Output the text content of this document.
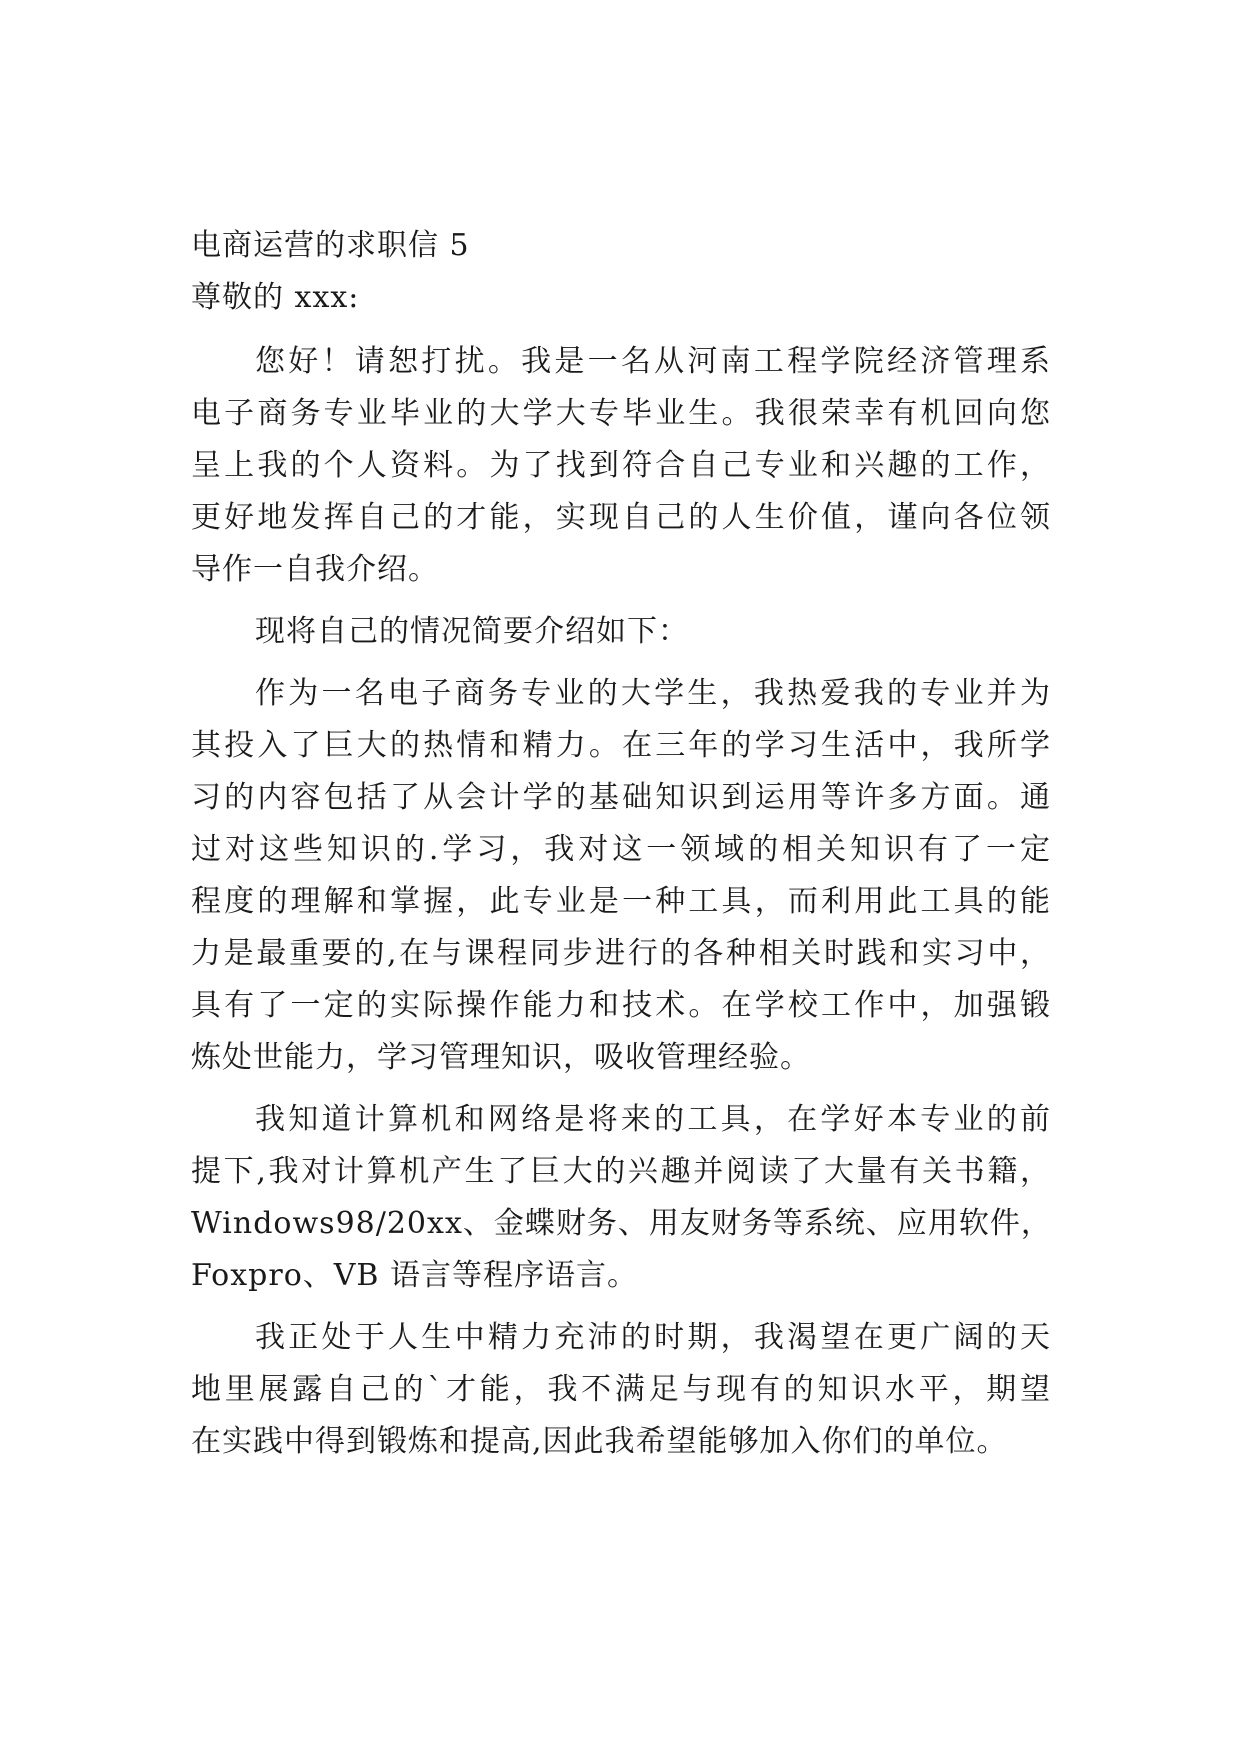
电商运营的求职信 5
尊敬的 xxx:
您好！请恕打扰。我是一名从河南工程学院经济管理系
电子商务专业毕业的大学大专毕业生。我很荣幸有机回向您
呈上我的个人资料。为了找到符合自己专业和兴趣的工作，
更好地发挥自己的才能，实现自己的人生价值，谨向各位领
导作一自我介绍。
现将自己的情况简要介绍如下：
作为一名电子商务专业的大学生，我热爱我的专业并为
其投入了巨大的热情和精力。在三年的学习生活中，我所学
习的内容包括了从会计学的基础知识到运用等许多方面。通
过对这些知识的.学习，我对这一领域的相关知识有了一定
程度的理解和掌握，此专业是一种工具，而利用此工具的能
力是最重要的,在与课程同步进行的各种相关时践和实习中，
具有了一定的实际操作能力和技术。在学校工作中，加强锻
炼处世能力，学习管理知识，吸收管理经验。
我知道计算机和网络是将来的工具，在学好本专业的前
提下,我对计算机产生了巨大的兴趣并阅读了大量有关书籍，
Windows98/20xx、金蝶财务、用友财务等系统、应用软件，
Foxpro、VB 语言等程序语言。
我正处于人生中精力充沛的时期，我渴望在更广阔的天
地里展露自己的`才能，我不满足与现有的知识水平，期望
在实践中得到锻炼和提高,因此我希望能够加入你们的单位。
